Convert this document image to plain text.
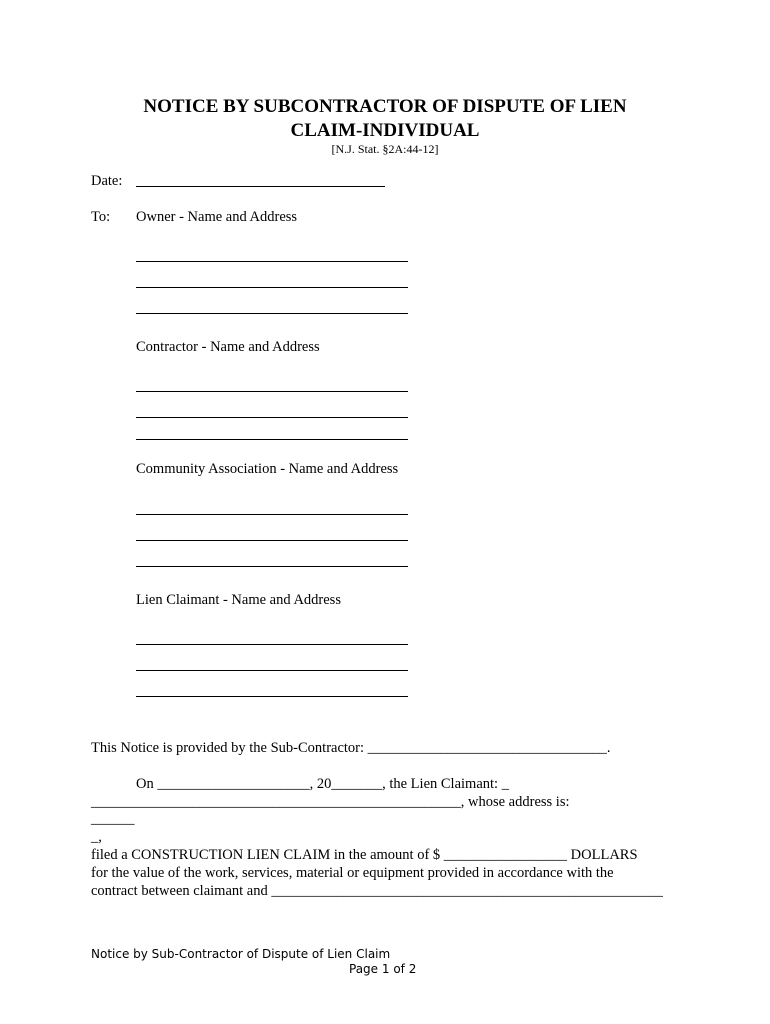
NOTICE BY SUBCONTRACTOR OF DISPUTE OF LIEN
CLAIM-INDIVIDUAL
[N.J. Stat. §2A:44-12]
Date:
To: Owner - Name and Address
Contractor - Name and Address
Community Association - Name and Address
Lien Claimant - Name and Address
This Notice is provided by the Sub-Contractor: _________________________________.
On _____________________, 20_______, the Lien Claimant: _
___________________________________________________, whose address is:
______
_,
filed a CONSTRUCTION LIEN CLAIM in the amount of $ _________________ DOLLARS
for the value of the work, services, material or equipment provided in accordance with the
contract between claimant and ______________________________________________________
Notice by Sub-Contractor of Dispute of Lien Claim
Page 1 of 2
